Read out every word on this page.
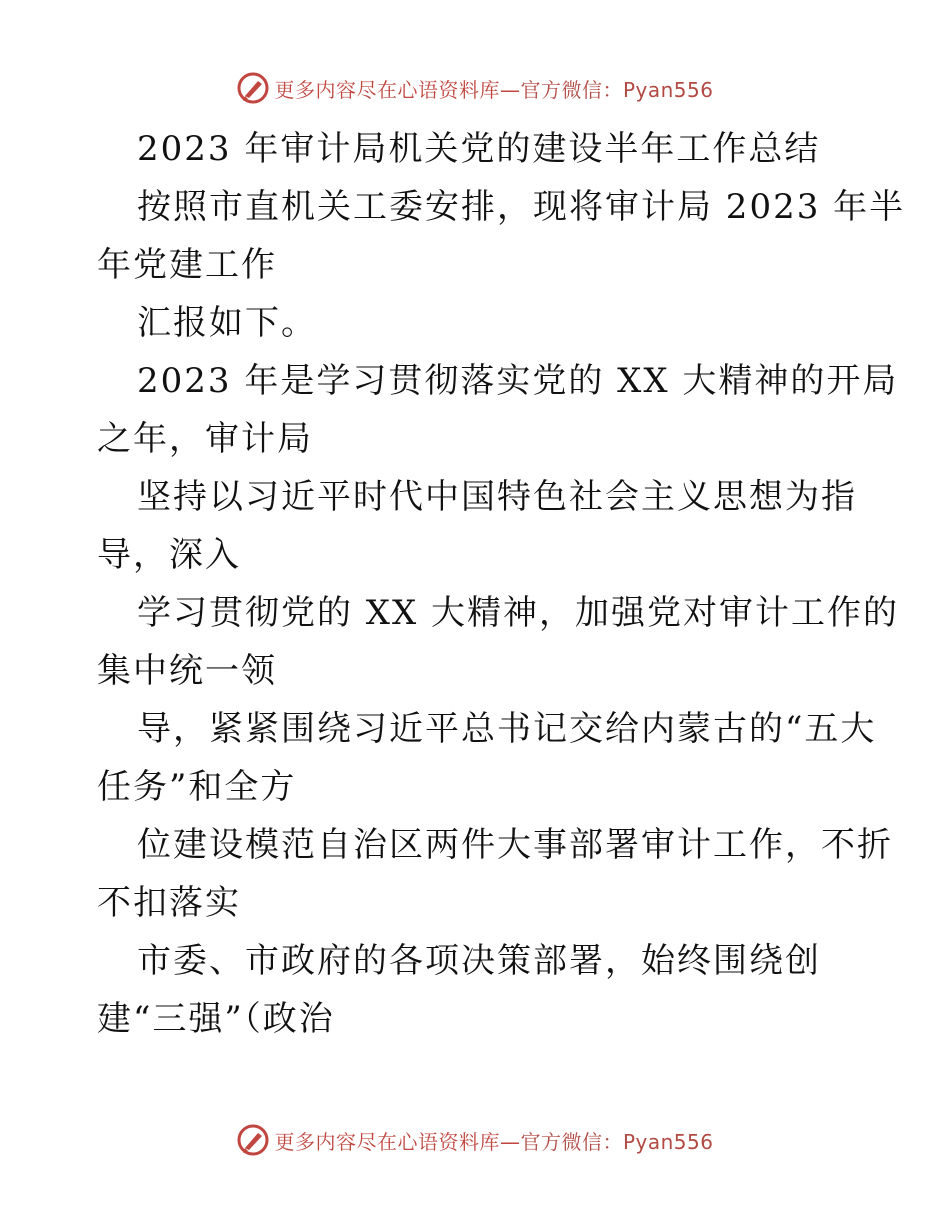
更多内容尽在心语资料库—官方微信：Pyan556
2023 年审计局机关党的建设半年工作总结
按照市直机关工委安排，现将审计局 2023 年半
年党建工作
汇报如下。
2023 年是学习贯彻落实党的 XX 大精神的开局
之年，审计局
坚持以习近平时代中国特色社会主义思想为指
导，深入
学习贯彻党的 XX 大精神，加强党对审计工作的
集中统一领
导，紧紧围绕习近平总书记交给内蒙古的“五大
任务”和全方
位建设模范自治区两件大事部署审计工作，不折
不扣落实
市委、市政府的各项决策部署，始终围绕创
建“三强”（政治
更多内容尽在心语资料库—官方微信：Pyan556
